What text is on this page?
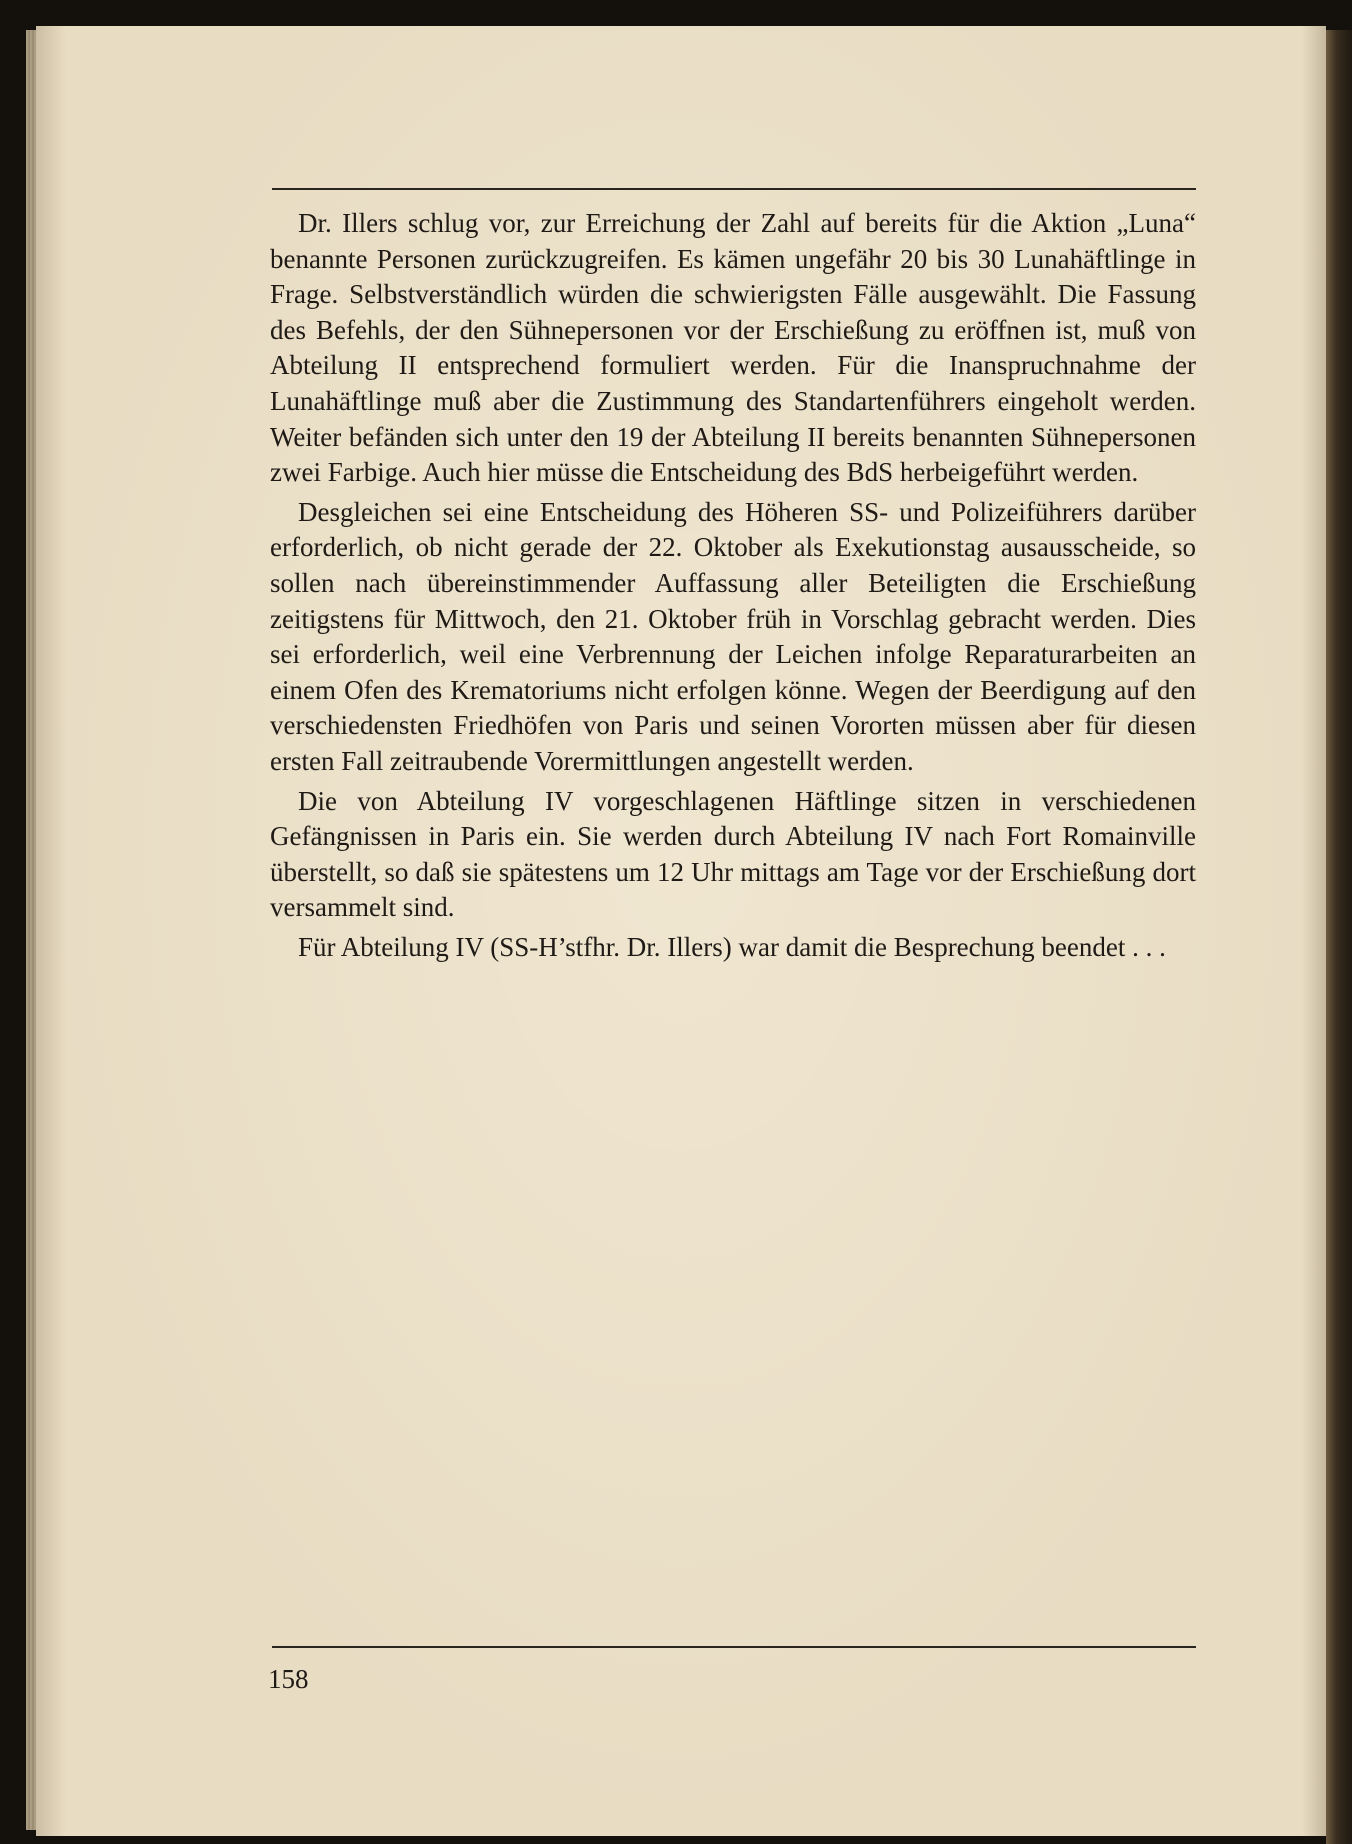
Dr. Illers schlug vor, zur Erreichung der Zahl auf bereits für die Aktion „Luna“ benannte Personen zurückzugreifen. Es kämen ungefähr 20 bis 30 Lunahäftlinge in Frage. Selbstverständlich würden die schwierigsten Fälle ausgewählt. Die Fassung des Befehls, der den Sühnepersonen vor der Erschießung zu eröffnen ist, muß von Abteilung II entsprechend formuliert werden. Für die Inanspruchnahme der Lunahäftlinge muß aber die Zustimmung des Standartenführers eingeholt werden. Weiter befänden sich unter den 19 der Abteilung II bereits benannten Sühnepersonen zwei Farbige. Auch hier müsse die Entscheidung des BdS herbeigeführt werden.

Desgleichen sei eine Entscheidung des Höheren SS- und Polizeiführers darüber erforderlich, ob nicht gerade der 22. Oktober als Exekutionstag ausausscheide, so sollen nach übereinstimmender Auffassung aller Beteiligten die Erschießung zeitigstens für Mittwoch, den 21. Oktober früh in Vorschlag gebracht werden. Dies sei erforderlich, weil eine Verbrennung der Leichen infolge Reparaturarbeiten an einem Ofen des Krematoriums nicht erfolgen könne. Wegen der Beerdigung auf den verschiedensten Friedhöfen von Paris und seinen Vororten müssen aber für diesen ersten Fall zeitraubende Vorermittlungen angestellt werden.

Die von Abteilung IV vorgeschlagenen Häftlinge sitzen in verschiedenen Gefängnissen in Paris ein. Sie werden durch Abteilung IV nach Fort Romainville überstellt, so daß sie spätestens um 12 Uhr mittags am Tage vor der Erschießung dort versammelt sind.

Für Abteilung IV (SS-H’stfhr. Dr. Illers) war damit die Besprechung beendet . . .

158
